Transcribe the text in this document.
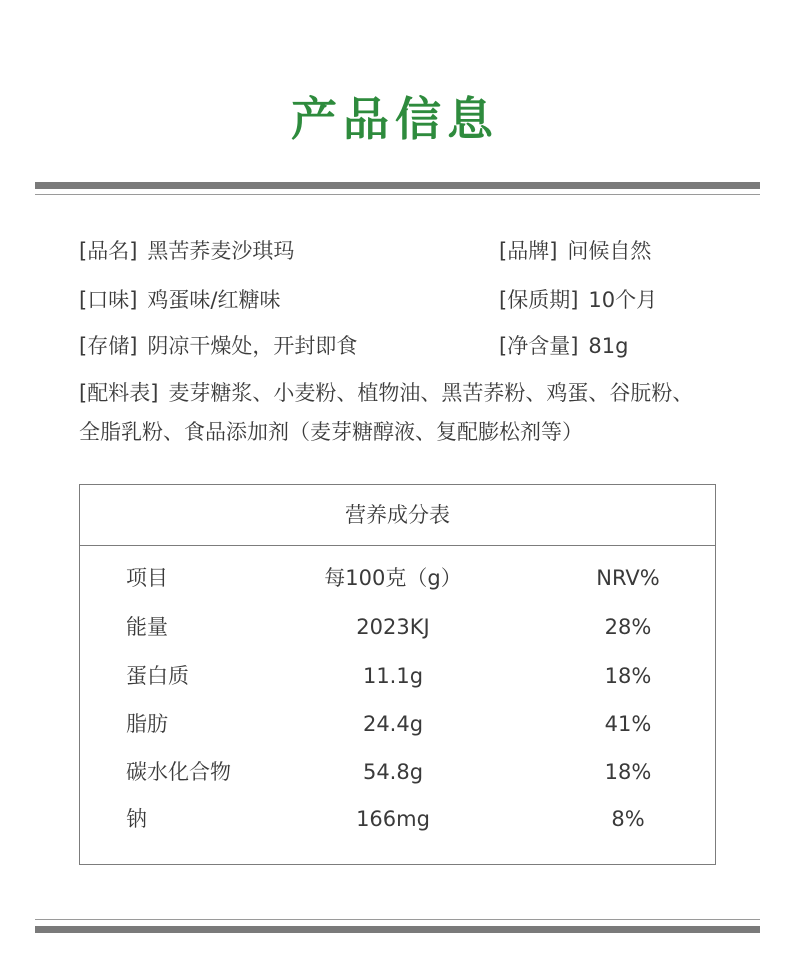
产品信息
[品名] 黑苦荞麦沙琪玛	[品牌] 问候自然
[口味] 鸡蛋味/红糖味	[保质期] 10个月
[存储] 阴凉干燥处，开封即食	[净含量] 81g
[配料表] 麦芽糖浆、小麦粉、植物油、黑苦荞粉、鸡蛋、谷朊粉、全脂乳粉、食品添加剂（麦芽糖醇液、复配膨松剂等）
营养成分表
项目	每100克（g）	NRV%
能量	2023KJ	28%
蛋白质	11.1g	18%
脂肪	24.4g	41%
碳水化合物	54.8g	18%
钠	166mg	8%
